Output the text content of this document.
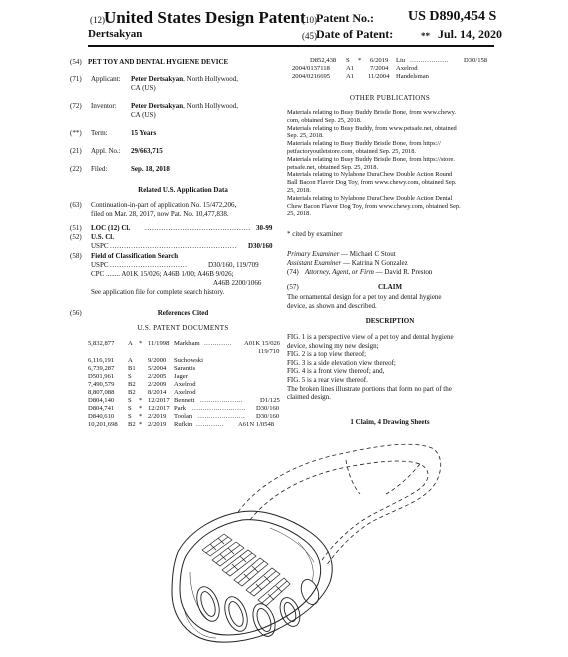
(12) United States Design Patent
Dertsakyan
(10) Patent No.: US D890,454 S
(45) Date of Patent:	** Jul. 14, 2020
(54) PET TOY AND DENTAL HYGIENE DEVICE
(71) Applicant: Peter Dertsakyan, North Hollywood,
CA (US)
(72) Inventor: Peter Dertsakyan, North Hollywood,
CA (US)
(**) Term:	15 Years
(21) Appl. No.: 29/663,715
(22) Filed:	Sep. 18, 2018
Related U.S. Application Data
(63) Continuation-in-part of application No. 15/472,206,
filed on Mar. 28, 2017, now Pat. No. 10,477,838.
(51) LOC (12) Cl. ............................................. 30-99
(52) U.S. Cl.
USPC ...................................................... D30/160
(58) Field of Classification Search
USPC .................................	D30/160, 119/709
CPC ........ A01K 15/026; A46B 1/00; A46B 9/026;
A46B 2200/1066
See application file for complete search history.
(56)	References Cited
U.S. PATENT DOCUMENTS
5,832,877 A * 11/1998 Markham ............. A01K 15/026
119/710
6,116,191 A 9/2000 Suchowski
6,739,287 B1 5/2004 Sarantis
D501,961 S 2/2005 Jager
7,490,579 B2 2/2009 Axelrod
8,807,088 B2 8/2014 Axelrod
D804,140 S * 12/2017 Bennett ....................	D1/125
D804,741 S * 12/2017 Park ......................... D30/160
D840,610 S * 2/2019 Toolan ...................... D30/160
10,201,698 B2 * 2/2019 Rufkin ............. A61N 1/0548
D852,438 S * 6/2019 Liu .................. D30/158
2004/0137118 A1 7/2004 Axelrod
2004/0216695 A1 11/2004 Handelsman
OTHER PUBLICATIONS
Materials relating to Busy Buddy Bristle Bone, from www.chewy.
com, obtained Sep. 25, 2018.
Materials relating to Busy Buddy, from www.petsafe.net, obtained
Sep. 25, 2018.
Materials relating to Busy Buddy Bristle Bone, from https://
petfactoryoutletstore.com, obtained Sep. 25, 2018.
Materials relating to Busy Buddy Bristle Bone, from https://store.
petsafe.net, obtained Sep. 25, 2018.
Materials relating to Nylabone DuraChew Double Action Round
Ball Bacon Flavor Dog Toy, from www.chewy.com, obtained Sep.
25, 2018.
Materials relating to Nylabone DuraChew Double Action Dental
Chew Bacon Flavor Dog Toy, from www.chewy.com, obtained Sep.
25, 2018.
* cited by examiner
Primary Examiner — Michael C Stout
Assistant Examiner — Katrina N Gonzalez
(74) Attorney, Agent, or Firm — David R. Preston
(57)	CLAIM
The ornamental design for a pet toy and dental hygiene
device, as shown and described.
DESCRIPTION
FIG. 1 is a perspective view of a pet toy and dental hygiene
device, showing my new design;
FIG. 2 is a top view thereof;
FIG. 3 is a side elevation view thereof;
FIG. 4 is a front view thereof; and,
FIG. 5 is a rear view thereof.
The broken lines illustrate portions that form no part of the
claimed design.
1 Claim, 4 Drawing Sheets
